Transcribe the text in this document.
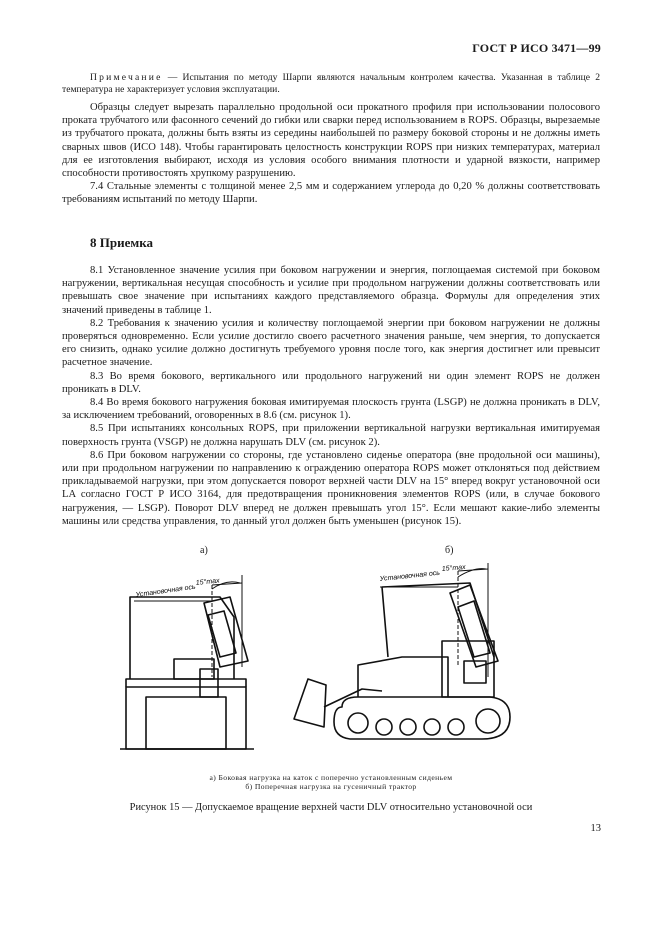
ГОСТ Р ИСО 3471—99

Примечание — Испытания по методу Шарпи являются начальным контролем качества. Указанная в таблице 2 температура не характеризует условия эксплуатации.

Образцы следует вырезать параллельно продольной оси прокатного профиля при использовании полосового проката трубчатого или фасонного сечений до гибки или сварки перед использованием в ROPS. Образцы, вырезаемые из трубчатого проката, должны быть взяты из середины наибольшей по размеру боковой стороны и не должны иметь сварных швов (ИСО 148). Чтобы гарантировать целостность конструкции ROPS при низких температурах, материал для ее изготовления выбирают, исходя из условия особого внимания плотности и ударной вязкости, например способности противостоять хрупкому разрушению.

7.4 Стальные элементы с толщиной менее 2,5 мм и содержанием углерода до 0,20 % должны соответствовать требованиям испытаний по методу Шарпи.

8 Приемка

8.1 Установленное значение усилия при боковом нагружении и энергия, поглощаемая системой при боковом нагружении, вертикальная несущая способность и усилие при продольном нагружении должны соответствовать или превышать свое значение при испытаниях каждого представляемого образца. Формулы для определения этих значений приведены в таблице 1.

8.2 Требования к значению усилия и количеству поглощаемой энергии при боковом нагружении не должны проверяться одновременно. Если усилие достигло своего расчетного значения раньше, чем энергия, то допускается его снизить, однако усилие должно достигнуть требуемого уровня после того, как энергия достигнет или превысит расчетное значение.

8.3 Во время бокового, вертикального или продольного нагружений ни один элемент ROPS не должен проникать в DLV.

8.4 Во время бокового нагружения боковая имитируемая плоскость грунта (LSGP) не должна проникать в DLV, за исключением требований, оговоренных в 8.6 (см. рисунок 1).

8.5 При испытаниях консольных ROPS, при приложении вертикальной нагрузки вертикальная имитируемая поверхность грунта (VSGP) не должна нарушать DLV (см. рисунок 2).

8.6 При боковом нагружении со стороны, где установлено сиденье оператора (вне продольной оси машины), или при продольном нагружении по направлению к ограждению оператора ROPS может отклоняться под действием прикладываемой нагрузки, при этом допускается поворот верхней части DLV на 15° вперед вокруг установочной оси LA согласно ГОСТ Р ИСО 3164, для предотвращения проникновения элементов ROPS (или, в случае бокового нагружения, — LSGP). Поворот DLV вперед не должен превышать угол 15°. Если мешают какие-либо элементы машины или средства управления, то данный угол должен быть уменьшен (рисунок 15).

а)	б)
Установочная ось
15°max	Установочная ось
15°max
а) Боковая нагрузка на каток с поперечно установленным сиденьем
б) Поперечная нагрузка на гусеничный трактор
Рисунок 15 — Допускаемое вращение верхней части DLV относительно установочной оси
13
